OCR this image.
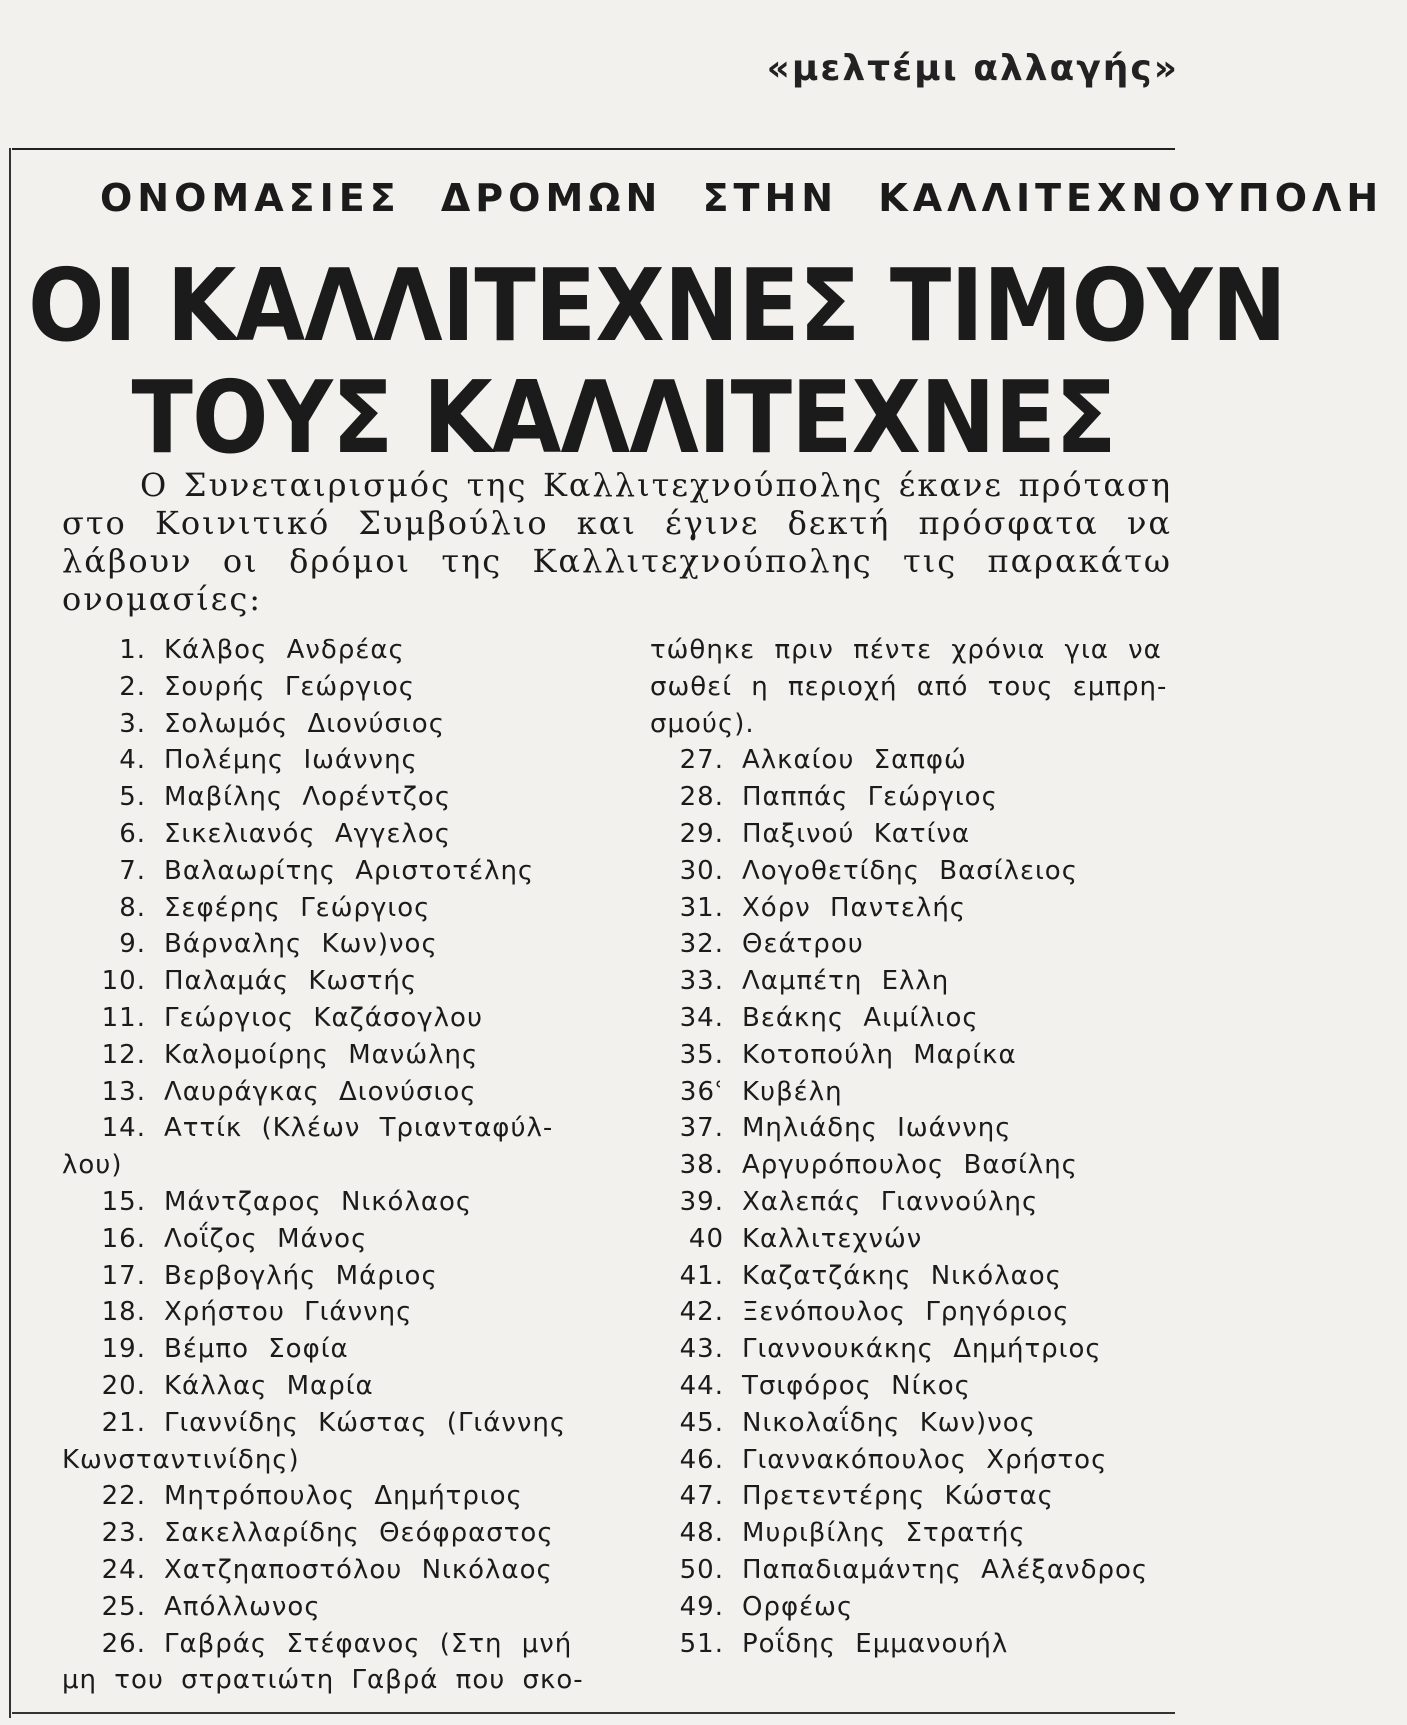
«μελτέμι αλλαγής»
ΟΝΟΜΑΣΙΕΣ ΔΡΟΜΩΝ ΣΤΗΝ ΚΑΛΛΙΤΕΧΝΟΥΠΟΛΗ
ΟΙ ΚΑΛΛΙΤΕΧΝΕΣ ΤΙΜΟΥΝ
ΤΟΥΣ ΚΑΛΛΙΤΕΧΝΕΣ

Ο Συνεταιρισμός της Καλλιτεχνούπολης έκανε πρόταση στο Κοινιτικό Συμβούλιο και έγινε δεκτή πρόσφατα να λάβουν οι δρόμοι της Καλλιτεχνούπολης τις παρακάτω ονομασίες:

1. Κάλβος Ανδρέας
2. Σουρής Γεώργιος
3. Σολωμός Διονύσιος
4. Πολέμης Ιωάννης
5. Μαβίλης Λορέντζος
6. Σικελιανός Αγγελος
7. Βαλαωρίτης Αριστοτέλης
8. Σεφέρης Γεώργιος
9. Βάρναλης Κων)νος
10. Παλαμάς Κωστής
11. Γεώργιος Καζάσογλου
12. Καλομοίρης Μανώλης
13. Λαυράγκας Διονύσιος
14. Αττίκ (Κλέων Τριανταφύλ-
λου)
15. Μάντζαρος Νικόλαος
16. Λοΐζος Μάνος
17. Βερβογλής Μάριος
18. Χρήστου Γιάννης
19. Βέμπο Σοφία
20. Κάλλας Μαρία
21. Γιαννίδης Κώστας (Γιάννης
Κωνσταντινίδης)
22. Μητρόπουλος Δημήτριος
23. Σακελλαρίδης Θεόφραστος
24. Χατζηαποστόλου Νικόλαος
25. Απόλλωνος
26. Γαβράς Στέφανος (Στη μνή
μη του στρατιώτη Γαβρά που σκο-
τώθηκε πριν πέντε χρόνια για να
σωθεί η περιοχή από τους εμπρη-
σμούς).
27. Αλκαίου Σαπφώ
28. Παππάς Γεώργιος
29. Παξινού Κατίνα
30. Λογοθετίδης Βασίλειος
31. Χόρν Παντελής
32. Θεάτρου
33. Λαμπέτη Ελλη
34. Βεάκης Αιμίλιος
35. Κοτοπούλη Μαρίκα
36ʿ Κυβέλη
37. Μηλιάδης Ιωάννης
38. Αργυρόπουλος Βασίλης
39. Χαλεπάς Γιαννούλης
40 Καλλιτεχνών
41. Καζατζάκης Νικόλαος
42. Ξενόπουλος Γρηγόριος
43. Γιαννουκάκης Δημήτριος
44. Τσιφόρος Νίκος
45. Νικολαΐδης Κων)νος
46. Γιαννακόπουλος Χρήστος
47. Πρετεντέρης Κώστας
48. Μυριβίλης Στρατής
50. Παπαδιαμάντης Αλέξανδρος
49. Ορφέως
51. Ροΐδης Εμμανουήλ
